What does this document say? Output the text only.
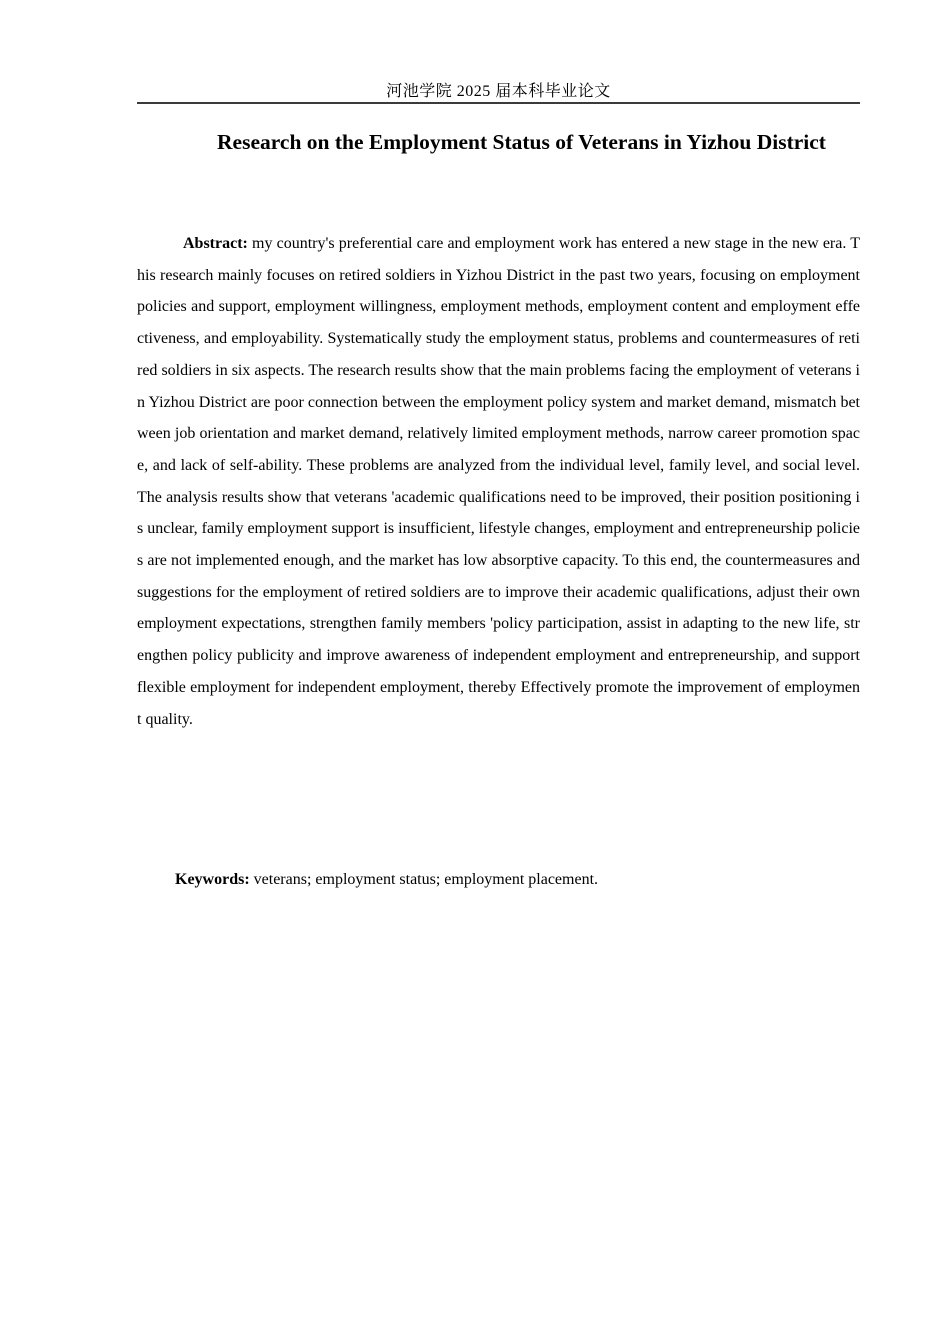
河池学院 2025 届本科毕业论文
Research on the Employment Status of Veterans in Yizhou District

Abstract: my country's preferential care and employment work has entered a new stage in the new era. This research mainly focuses on retired soldiers in Yizhou District in the past two years, focusing on employment policies and support, employment willingness, employment methods, employment content and employment effectiveness, and employability. Systematically study the employment status, problems and countermeasures of retired soldiers in six aspects. The research results show that the main problems facing the employment of veterans in Yizhou District are poor connection between the employment policy system and market demand, mismatch between job orientation and market demand, relatively limited employment methods, narrow career promotion space, and lack of self-ability. These problems are analyzed from the individual level, family level, and social level. The analysis results show that veterans 'academic qualifications need to be improved, their position positioning is unclear, family employment support is insufficient, lifestyle changes, employment and entrepreneurship policies are not implemented enough, and the market has low absorptive capacity. To this end, the countermeasures and suggestions for the employment of retired soldiers are to improve their academic qualifications, adjust their own employment expectations, strengthen family members 'policy participation, assist in adapting to the new life, strengthen policy publicity and improve awareness of independent employment and entrepreneurship, and support flexible employment for independent employment, thereby Effectively promote the improvement of employment quality.

Keywords: veterans; employment status; employment placement.
